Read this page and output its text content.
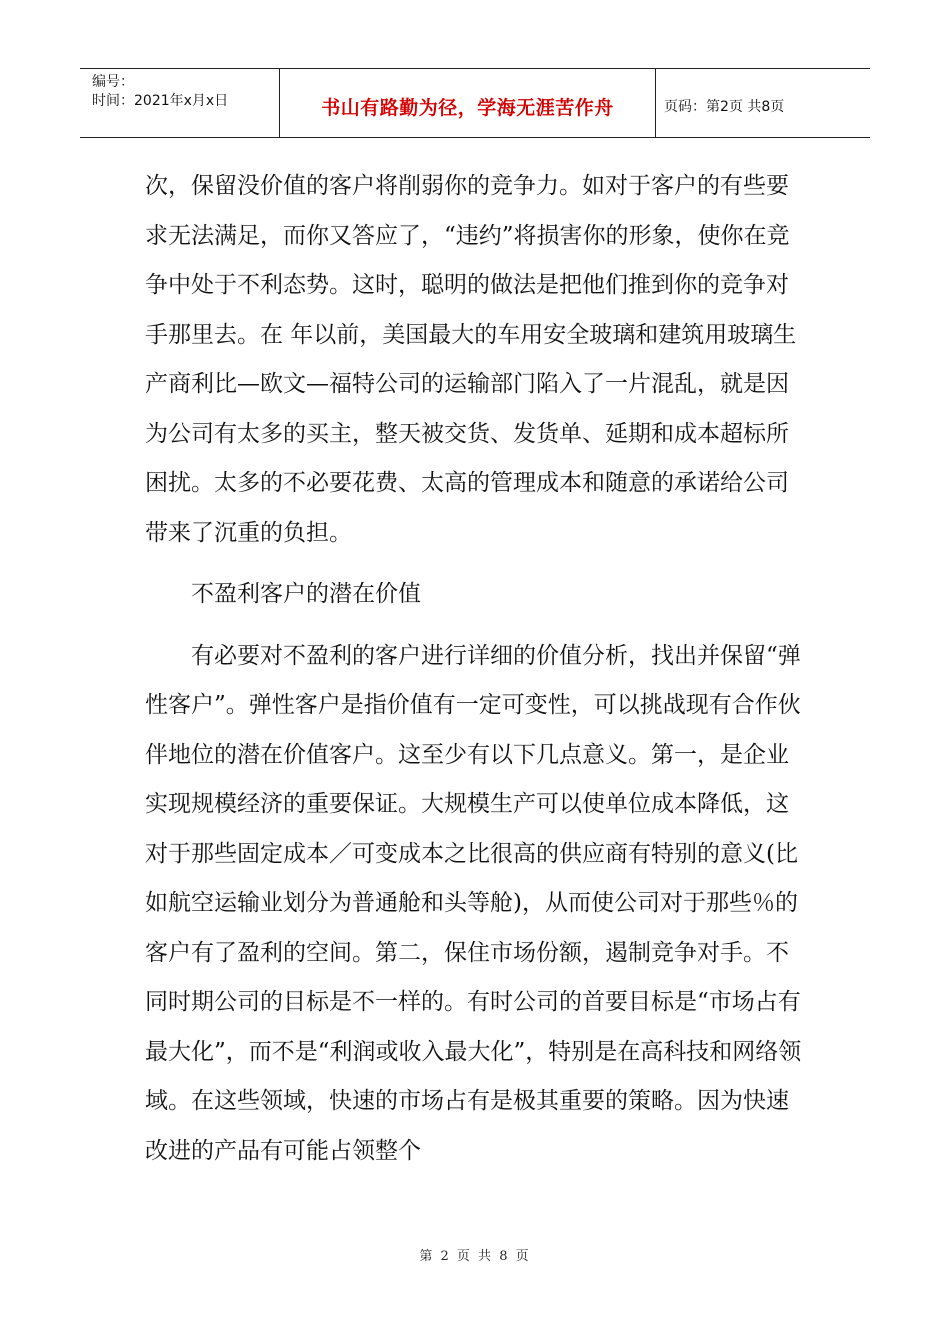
编号：
时间：2021年x月x日	书山有路勤为径，学海无涯苦作舟	页码：第2页 共8页

次，保留没价值的客户将削弱你的竞争力。如对于客户的有些要求无法满足，而你又答应了，“违约”将损害你的形象，使你在竞争中处于不利态势。这时，聪明的做法是把他们推到你的竞争对手那里去。在 年以前，美国最大的车用安全玻璃和建筑用玻璃生产商利比—欧文—福特公司的运输部门陷入了一片混乱，就是因为公司有太多的买主，整天被交货、发货单、延期和成本超标所困扰。太多的不必要花费、太高的管理成本和随意的承诺给公司带来了沉重的负担。

不盈利客户的潜在价值

有必要对不盈利的客户进行详细的价值分析，找出并保留“弹性客户”。弹性客户是指价值有一定可变性，可以挑战现有合作伙伴地位的潜在价值客户。这至少有以下几点意义。第一，是企业实现规模经济的重要保证。大规模生产可以使单位成本降低，这对于那些固定成本／可变成本之比很高的供应商有特别的意义(比如航空运输业划分为普通舱和头等舱)，从而使公司对于那些％的客户有了盈利的空间。第二，保住市场份额，遏制竞争对手。不同时期公司的目标是不一样的。有时公司的首要目标是“市场占有最大化”，而不是“利润或收入最大化”，特别是在高科技和网络领域。在这些领域，快速的市场占有是极其重要的策略。因为快速改进的产品有可能占领整个

第 2 页 共 8 页
